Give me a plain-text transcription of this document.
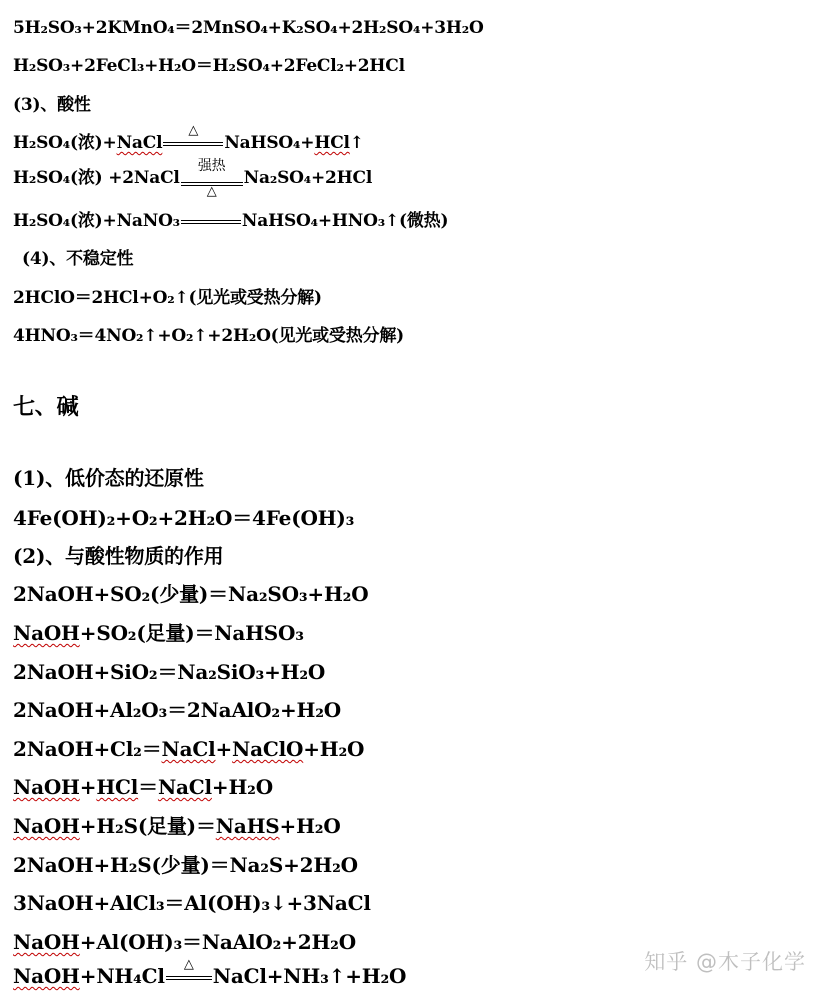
5H₂SO₃+2KMnO₄＝2MnSO₄+K₂SO₄+2H₂SO₄+3H₂O
H₂SO₃+2FeCl₃+H₂O＝H₂SO₄+2FeCl₂+2HCl
(3)、酸性
H₂SO₄(浓)+NaCl
△
NaHSO₄+HCl↑
H₂SO₄(浓) +2NaCl
强热
△
Na₂SO₄+2HCl
H₂SO₄(浓)+NaNO₃	NaHSO₄+HNO₃↑(微热)
(4)、不稳定性
2HClO＝2HCl+O₂↑(见光或受热分解)
4HNO₃＝4NO₂↑+O₂↑+2H₂O(见光或受热分解)
七、碱
(1)、低价态的还原性
4Fe(OH)₂+O₂+2H₂O＝4Fe(OH)₃
(2)、与酸性物质的作用
2NaOH+SO₂(少量)＝Na₂SO₃+H₂O
NaOH+SO₂(足量)＝NaHSO₃
2NaOH+SiO₂＝Na₂SiO₃+H₂O
2NaOH+Al₂O₃＝2NaAlO₂+H₂O
2NaOH+Cl₂＝NaCl+NaClO+H₂O
NaOH+HCl＝NaCl+H₂O
NaOH+H₂S(足量)＝NaHS+H₂O
2NaOH+H₂S(少量)＝Na₂S+2H₂O
3NaOH+AlCl₃＝Al(OH)₃↓+3NaCl
NaOH+Al(OH)₃＝NaAlO₂+2H₂O
NaOH+NH₄Cl	△ NaCl+NH₃↑+H₂O
知乎 @木子化学
